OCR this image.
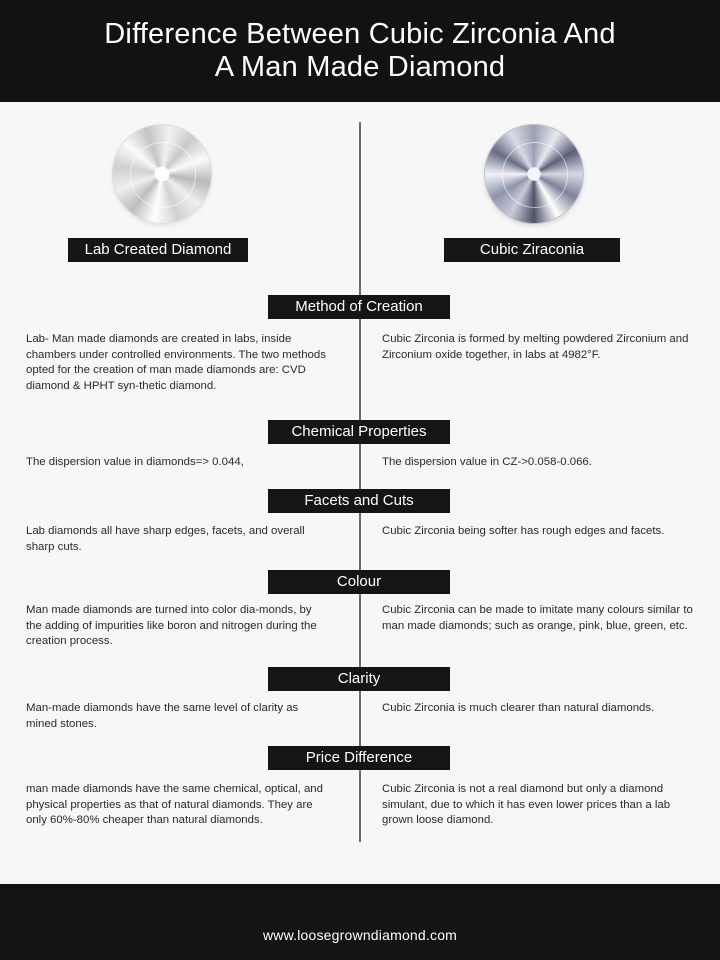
Difference Between Cubic Zirconia And
A Man Made Diamond
Lab Created Diamond	Cubic Ziraconia
Method of Creation
Lab- Man made diamonds are created in labs, inside chambers under controlled environments. The two methods opted for the creation of man made diamonds are: CVD diamond & HPHT syn-thetic diamond.
Cubic Zirconia is formed by melting powdered Zirconium and Zirconium oxide together, in labs at 4982°F.
Chemical Properties
The dispersion value in diamonds=> 0.044,	The dispersion value in CZ->0.058-0.066.
Facets and Cuts
Lab diamonds all have sharp edges, facets, and overall sharp cuts.
Cubic Zirconia being softer has rough edges and facets.
Colour
Man made diamonds are turned into color dia-monds, by the adding of impurities like boron and nitrogen during the creation process.
Cubic Zirconia can be made to imitate many colours similar to man made diamonds; such as orange, pink, blue, green, etc.
Clarity
Man-made diamonds have the same level of clarity as mined stones.
Cubic Zirconia is much clearer than natural diamonds.
Price Difference
man made diamonds have the same chemical, optical, and physical properties as that of natural diamonds. They are only 60%-80% cheaper than natural diamonds.
Cubic Zirconia is not a real diamond but only a diamond simulant, due to which it has even lower prices than a lab grown loose diamond.
www.loosegrowndiamond.com
